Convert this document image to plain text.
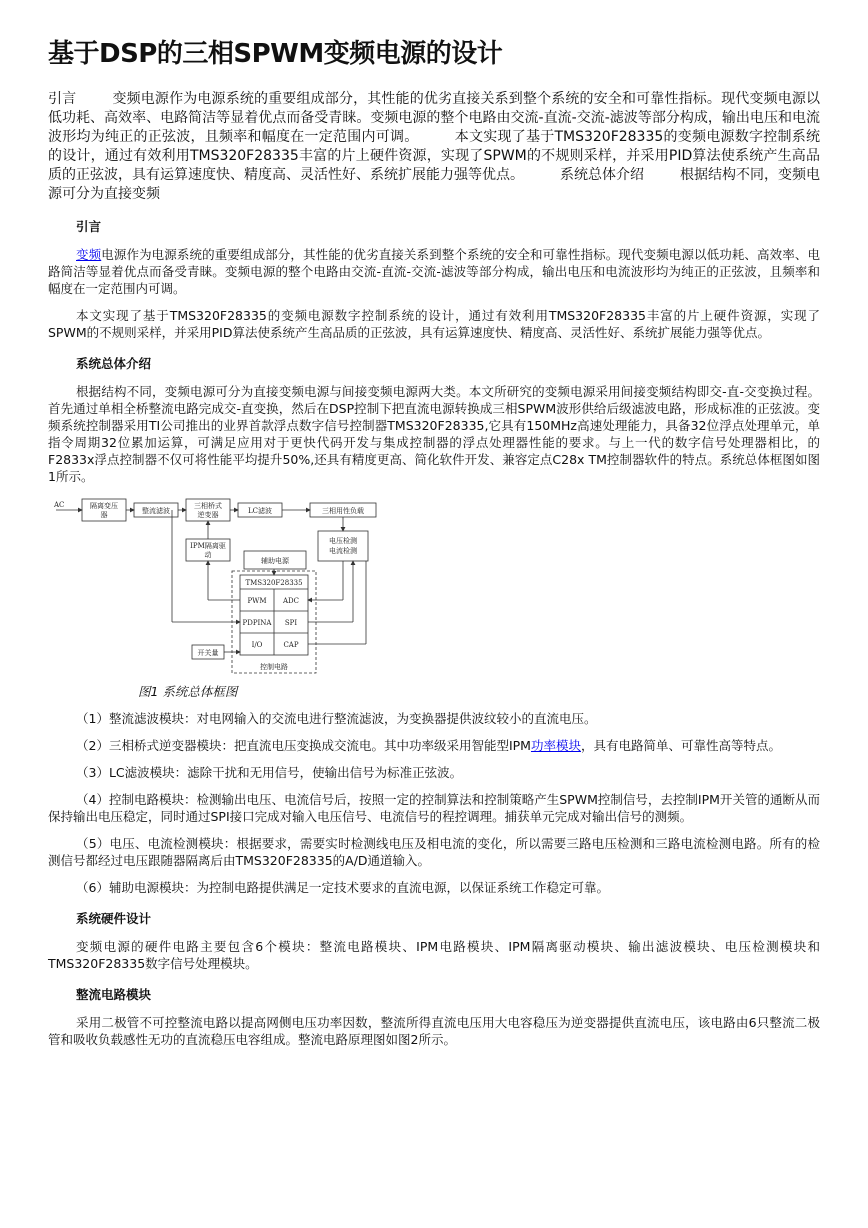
基于DSP的三相SPWM变频电源的设计
引言	变频电源作为电源系统的重要组成部分，其性能的优劣直接关系到整个系统的安全和可靠性指标。现代变频电源以低功耗、高效率、电路简洁等显着优点而备受青睐。变频电源的整个电路由交流-直流-交流-滤波等部分构成，输出电压和电流波形均为纯正的正弦波，且频率和幅度在一定范围内可调。	本文实现了基于TMS320F28335的变频电源数字控制系统的设计，通过有效利用TMS320F28335丰富的片上硬件资源，实现了SPWM的不规则采样，并采用PID算法使系统产生高品质的正弦波，具有运算速度快、精度高、灵活性好、系统扩展能力强等优点。	系统总体介绍	根据结构不同，变频电源可分为直接变频
引言

变频电源作为电源系统的重要组成部分，其性能的优劣直接关系到整个系统的安全和可靠性指标。现代变频电源以低功耗、高效率、电路简洁等显着优点而备受青睐。变频电源的整个电路由交流-直流-交流-滤波等部分构成，输出电压和电流波形均为纯正的正弦波，且频率和幅度在一定范围内可调。

本文实现了基于TMS320F28335的变频电源数字控制系统的设计，通过有效利用TMS320F28335丰富的片上硬件资源，实现了SPWM的不规则采样，并采用PID算法使系统产生高品质的正弦波，具有运算速度快、精度高、灵活性好、系统扩展能力强等优点。

系统总体介绍

根据结构不同，变频电源可分为直接变频电源与间接变频电源两大类。本文所研究的变频电源采用间接变频结构即交-直-交变换过程。首先通过单相全桥整流电路完成交-直变换，然后在DSP控制下把直流电源转换成三相SPWM波形供给后级滤波电路，形成标准的正弦波。变频系统控制器采用TI公司推出的业界首款浮点数字信号控制器TMS320F28335,它具有150MHz高速处理能力，具备32位浮点处理单元，单指令周期32位累加运算，可满足应用对于更快代码开发与集成控制器的浮点处理器性能的要求。与上一代的数字信号处理器相比，的F2833x浮点控制器不仅可将性能平均提升50%,还具有精度更高、简化软件开发、兼容定点C28x TM控制器软件的特点。系统总体框图如图1所示。

AC	隔离变压
器	整流滤波
三相桥式
逆变器	LC滤波	三相用性负载
IPM隔离驱
动
辅助电源
电压检测
电流检测
TMS320F28335
PWM ADC
PDPINA SPI
I/O	CAP
开关量
控制电路
图1 系统总体框图

（1）整流滤波模块：对电网输入的交流电进行整流滤波，为变换器提供波纹较小的直流电压。

（2）三相桥式逆变器模块：把直流电压变换成交流电。其中功率级采用智能型IPM功率模块，具有电路简单、可靠性高等特点。

（3）LC滤波模块：滤除干扰和无用信号，使输出信号为标准正弦波。

（4）控制电路模块：检测输出电压、电流信号后，按照一定的控制算法和控制策略产生SPWM控制信号，去控制IPM开关管的通断从而保持输出电压稳定，同时通过SPI接口完成对输入电压信号、电流信号的程控调理。捕获单元完成对输出信号的测频。

（5）电压、电流检测模块：根据要求，需要实时检测线电压及相电流的变化，所以需要三路电压检测和三路电流检测电路。所有的检测信号都经过电压跟随器隔离后由TMS320F28335的A/D通道输入。

（6）辅助电源模块：为控制电路提供满足一定技术要求的直流电源，以保证系统工作稳定可靠。

系统硬件设计

变频电源的硬件电路主要包含6个模块：整流电路模块、IPM电路模块、IPM隔离驱动模块、输出滤波模块、电压检测模块和TMS320F28335数字信号处理模块。

整流电路模块

采用二极管不可控整流电路以提高网侧电压功率因数，整流所得直流电压用大电容稳压为逆变器提供直流电压，该电路由6只整流二极管和吸收负载感性无功的直流稳压电容组成。整流电路原理图如图2所示。
